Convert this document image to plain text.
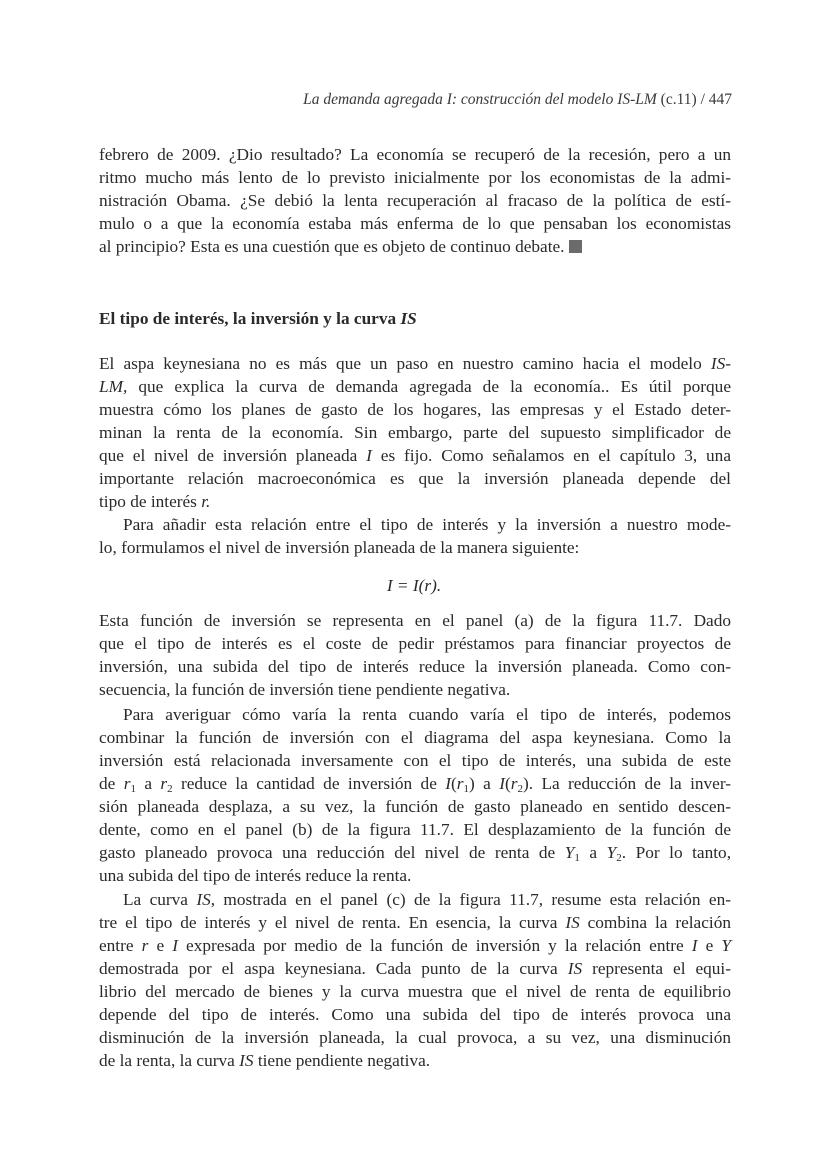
La demanda agregada I: construcción del modelo IS-LM (c.11) / 447
febrero de 2009. ¿Dio resultado? La economía se recuperó de la recesión, pero a un
ritmo mucho más lento de lo previsto inicialmente por los economistas de la admi-
nistración Obama. ¿Se debió la lenta recuperación al fracaso de la política de estí-
mulo o a que la economía estaba más enferma de lo que pensaban los economistas
al principio? Esta es una cuestión que es objeto de continuo debate.
El tipo de interés, la inversión y la curva IS
El aspa keynesiana no es más que un paso en nuestro camino hacia el modelo IS-
LM, que explica la curva de demanda agregada de la economía.. Es útil porque
muestra cómo los planes de gasto de los hogares, las empresas y el Estado deter-
minan la renta de la economía. Sin embargo, parte del supuesto simplificador de
que el nivel de inversión planeada I es fijo. Como señalamos en el capítulo 3, una
importante relación macroeconómica es que la inversión planeada depende del
tipo de interés r.
Para añadir esta relación entre el tipo de interés y la inversión a nuestro mode-
lo, formulamos el nivel de inversión planeada de la manera siguiente:
I = I(r).
Esta función de inversión se representa en el panel (a) de la figura 11.7. Dado
que el tipo de interés es el coste de pedir préstamos para financiar proyectos de
inversión, una subida del tipo de interés reduce la inversión planeada. Como con-
secuencia, la función de inversión tiene pendiente negativa.
Para averiguar cómo varía la renta cuando varía el tipo de interés, podemos
combinar la función de inversión con el diagrama del aspa keynesiana. Como la
inversión está relacionada inversamente con el tipo de interés, una subida de este
de $r_1$ a $r_2$ reduce la cantidad de inversión de $I(r_1)$ a $I(r_2)$. La reducción de la inver-
sión planeada desplaza, a su vez, la función de gasto planeado en sentido descen-
dente, como en el panel (b) de la figura 11.7. El desplazamiento de la función de
gasto planeado provoca una reducción del nivel de renta de $Y_1$ a $Y_2$. Por lo tanto,
una subida del tipo de interés reduce la renta.
La curva IS, mostrada en el panel (c) de la figura 11.7, resume esta relación en-
tre el tipo de interés y el nivel de renta. En esencia, la curva IS combina la relación
entre r e I expresada por medio de la función de inversión y la relación entre I e Y
demostrada por el aspa keynesiana. Cada punto de la curva IS representa el equi-
librio del mercado de bienes y la curva muestra que el nivel de renta de equilibrio
depende del tipo de interés. Como una subida del tipo de interés provoca una
disminución de la inversión planeada, la cual provoca, a su vez, una disminución
de la renta, la curva IS tiene pendiente negativa.
